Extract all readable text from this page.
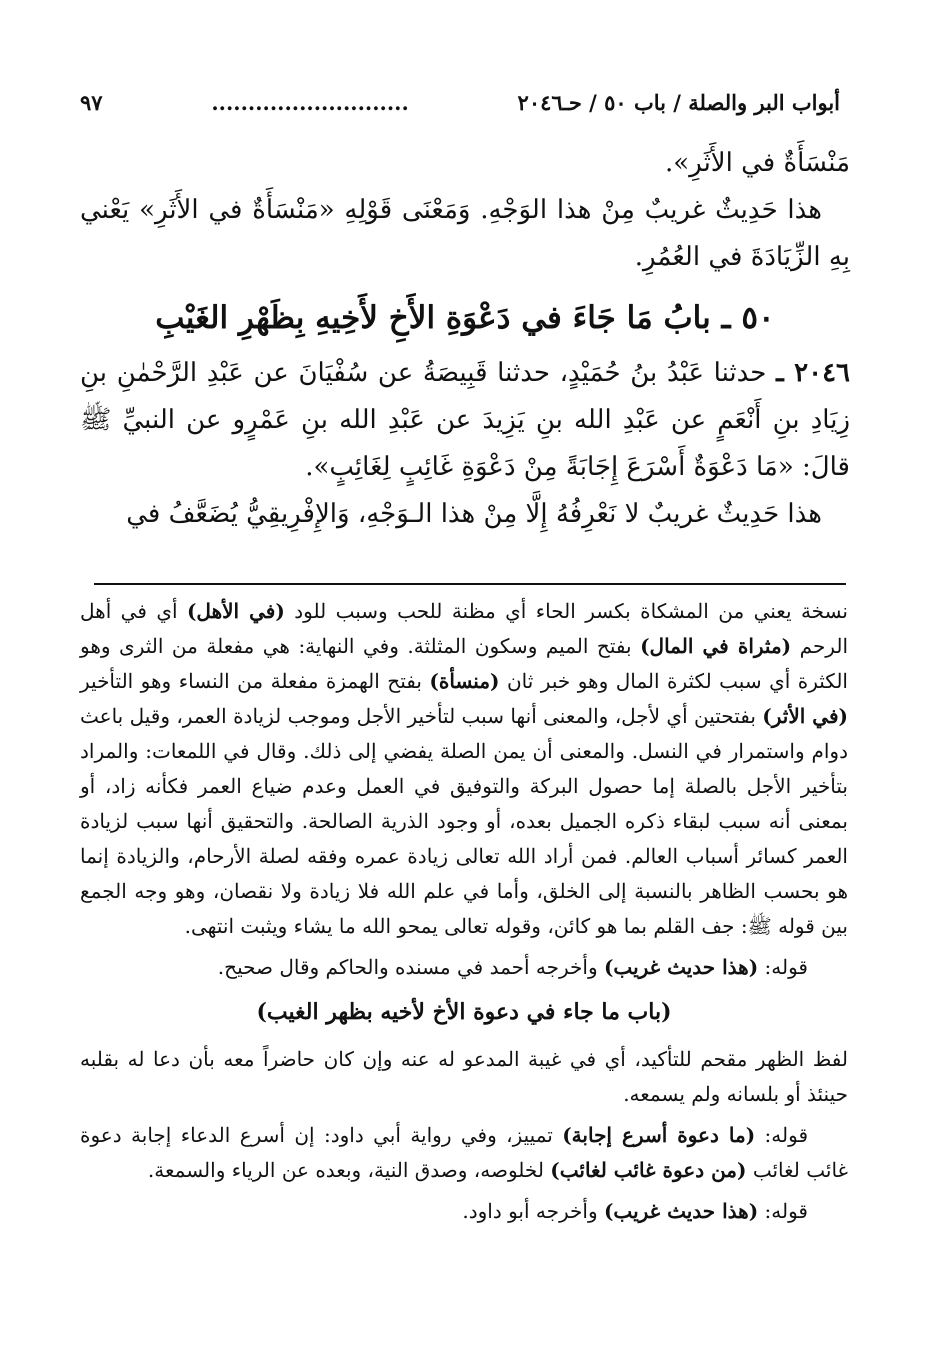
أبواب البر والصلة / باب ٥٠ / حـ٢٠٤٦
...........................
٩٧

مَنْسَأَةٌ في الأَثَرِ».

هذا حَدِيثٌ غريبٌ مِنْ هذا الوَجْهِ. وَمَعْنَى قَوْلِهِ «مَنْسَأَةٌ في الأَثَرِ» يَعْني بِهِ الزِّيَادَةَ في العُمُرِ.

٥٠ ـ بابُ مَا جَاءَ في دَعْوَةِ الأَخِ لأَخِيهِ بِظَهْرِ الغَيْبِ

٢٠٤٦ ـ حدثنا عَبْدُ بنُ حُمَيْدٍ، حدثنا قَبِيصَةُ عن سُفْيَانَ عن عَبْدِ الرَّحْمٰنِ بنِ زِيَادِ بنِ أَنْعَمٍ عن عَبْدِ الله بنِ يَزِيدَ عن عَبْدِ الله بنِ عَمْرٍو عن النبيِّ ﷺ قالَ: «مَا دَعْوَةٌ أَسْرَعَ إِجَابَةً مِنْ دَعْوَةِ غَائِبٍ لِغَائِبٍ».

هذا حَدِيثٌ غريبٌ لا نَعْرِفُهُ إِلَّا مِنْ هذا الـوَجْهِ، وَالإِفْرِيقِيُّ يُضَعَّفُ في

نسخة يعني من المشكاة بكسر الحاء أي مظنة للحب وسبب للود (في الأهل) أي في أهل الرحم (مثراة في المال) بفتح الميم وسكون المثلثة. وفي النهاية: هي مفعلة من الثرى وهو الكثرة أي سبب لكثرة المال وهو خبر ثان (منسأة) بفتح الهمزة مفعلة من النساء وهو التأخير (في الأثر) بفتحتين أي لأجل، والمعنى أنها سبب لتأخير الأجل وموجب لزيادة العمر، وقيل باعث دوام واستمرار في النسل. والمعنى أن يمن الصلة يفضي إلى ذلك. وقال في اللمعات: والمراد بتأخير الأجل بالصلة إما حصول البركة والتوفيق في العمل وعدم ضياع العمر فكأنه زاد، أو بمعنى أنه سبب لبقاء ذكره الجميل بعده، أو وجود الذرية الصالحة. والتحقيق أنها سبب لزيادة العمر كسائر أسباب العالم. فمن أراد الله تعالى زيادة عمره وفقه لصلة الأرحام، والزيادة إنما هو بحسب الظاهر بالنسبة إلى الخلق، وأما في علم الله فلا زيادة ولا نقصان، وهو وجه الجمع بين قوله ﷺ: جف القلم بما هو كائن، وقوله تعالى يمحو الله ما يشاء ويثبت انتهى.

قوله: (هذا حديث غريب) وأخرجه أحمد في مسنده والحاكم وقال صحيح.

(باب ما جاء في دعوة الأخ لأخيه بظهر الغيب)

لفظ الظهر مقحم للتأكيد، أي في غيبة المدعو له عنه وإن كان حاضراً معه بأن دعا له بقلبه حينئذ أو بلسانه ولم يسمعه.

قوله: (ما دعوة أسرع إجابة) تمييز، وفي رواية أبي داود: إن أسرع الدعاء إجابة دعوة غائب لغائب (من دعوة غائب لغائب) لخلوصه، وصدق النية، وبعده عن الرياء والسمعة.

قوله: (هذا حديث غريب) وأخرجه أبو داود.
